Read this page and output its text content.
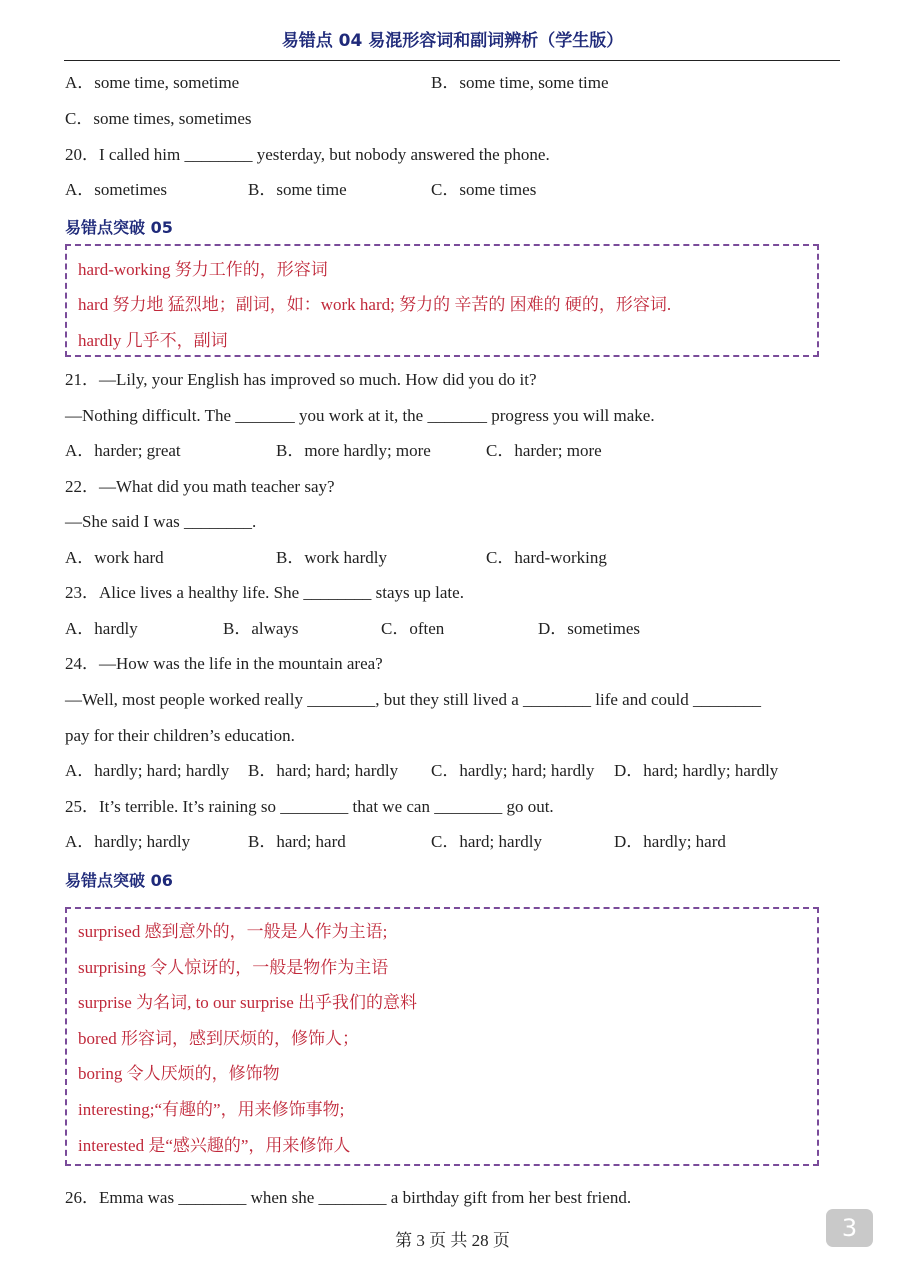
易错点 04 易混形容词和副词辨析（学生版）
A．some time, sometime	B．some time, some time
C．some times, sometimes
20．I called him ________ yesterday, but nobody answered the phone.
A．sometimes	B．some time	C．some times
易错点突破 05
hard-working 努力工作的，形容词
hard 努力地 猛烈地；副词，如：work hard; 努力的 辛苦的 困难的 硬的，形容词.
hardly 几乎不，副词
21．—Lily, your English has improved so much. How did you do it?
—Nothing difficult. The _______ you work at it, the _______ progress you will make.
A．harder; great	B．more hardly; more	C．harder; more
22．—What did you math teacher say?
—She said I was ________.
A．work hard	B．work hardly	C．hard-working
23．Alice lives a healthy life. She ________ stays up late.
A．hardly	B．always	C．often	D．sometimes
24．—How was the life in the mountain area?
—Well, most people worked really ________, but they still lived a ________ life and could ________
pay for their children’s education.
A．hardly; hard; hardly B．hard; hard; hardly C．hardly; hard; hardly D．hard; hardly; hardly
25．It’s terrible. It’s raining so ________ that we can ________ go out.
A．hardly; hardly	B．hard; hard	C．hard; hardly	D．hardly; hard
易错点突破 06
surprised 感到意外的，一般是人作为主语;
surprising 令人惊讶的，一般是物作为主语
surprise 为名词, to our surprise 出乎我们的意料
bored 形容词，感到厌烦的，修饰人；
boring 令人厌烦的，修饰物
interesting;“有趣的”，用来修饰事物;
interested 是“感兴趣的”，用来修饰人
26．Emma was ________ when she ________ a birthday gift from her best friend.
第 3 页 共 28 页	3
